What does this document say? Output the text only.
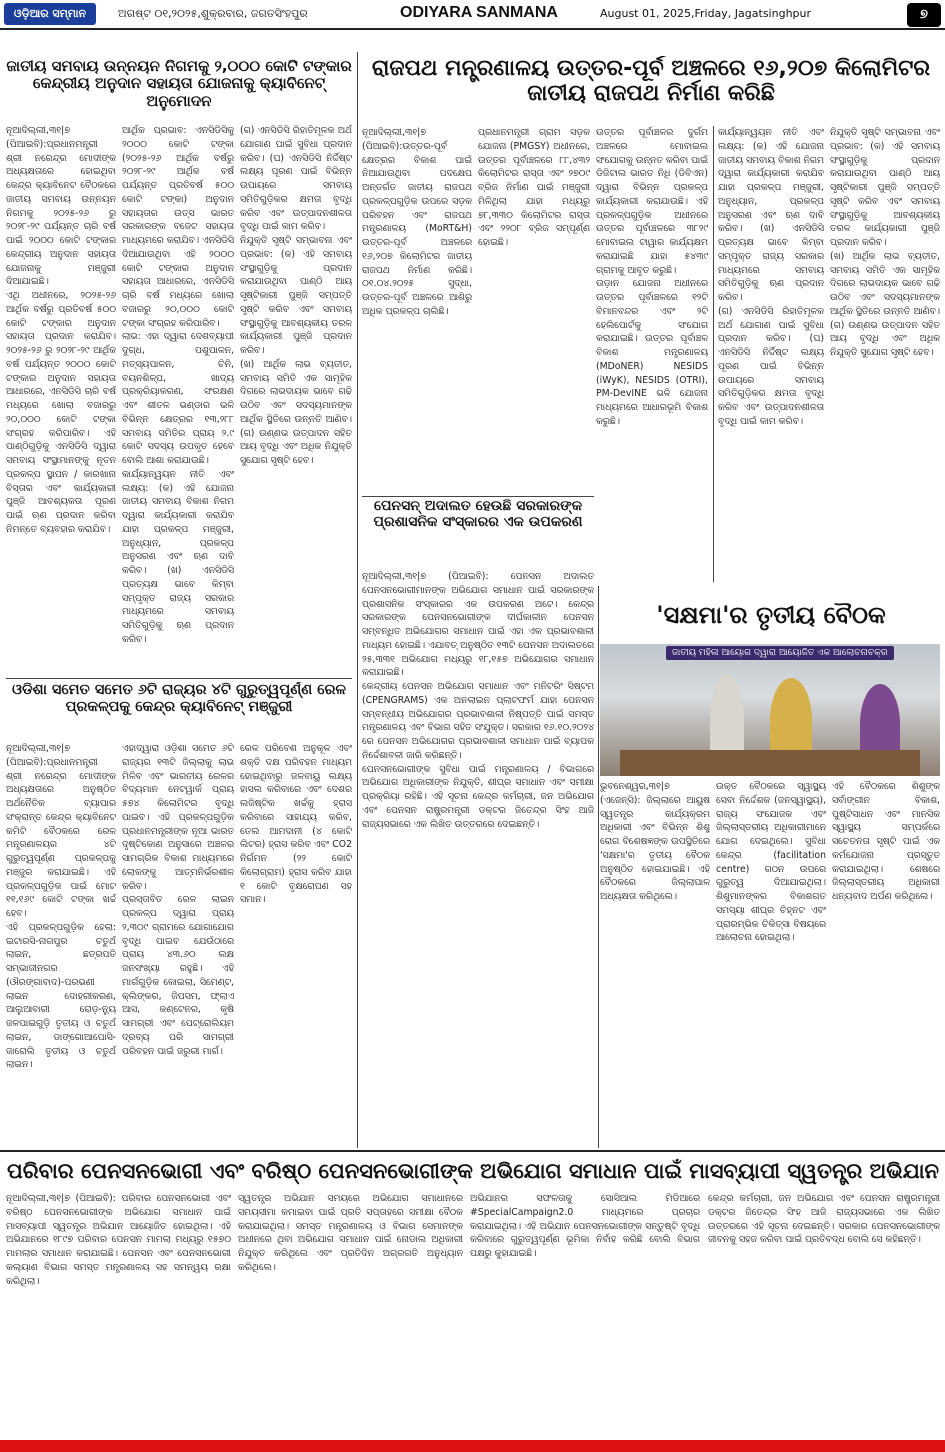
ଓଡ଼ିଆର ସମ୍ମାନ	ଅଗଷ୍ଟ ୦୧,୨୦୨୫,ଶୁକ୍ରବାର, ଜଗତସିଂହପୁର	ODIYARA SANMANA	August 01, 2025,Friday, Jagatsinghpur	୭
ଜାତୀୟ ସମବାୟ ଉନ୍ନୟନ ନିଗମକୁ ୨,୦୦୦ କୋଟି ଟଙ୍କାର କେନ୍ଦ୍ରୀୟ ଅନୁଦାନ ସହାୟତା ଯୋଜନାକୁ କ୍ୟାବିନେଟ୍ ଅନୁମୋଦନ

ନୂଆଦିଲ୍ଲୀ,୩୧|୭ (ପିଆଇବି):ପ୍ରଧାନମନ୍ତ୍ରୀ ଶ୍ରୀ ନରେନ୍ଦ୍ର ମୋଦୀଙ୍କ ଅଧ୍ୟକ୍ଷତାରେ ହୋଇଥିବା କେନ୍ଦ୍ର କ୍ୟାବିନେଟ ବୈଠକରେ ଜାତୀୟ ସମବାୟ ଉନ୍ନୟନ ନିଗମକୁ ୨୦୨୫-୨୬ ରୁ ୨୦୨୮-୨୯ ପର୍ଯ୍ୟନ୍ତ ଚାରି ବର୍ଷ ପାଇଁ ୨୦୦୦ କୋଟି ଟଙ୍କାର କେନ୍ଦ୍ରୀୟ ଅନୁଦାନ ସହାୟତା ଯୋଜନାକୁ ମଞ୍ଜୁରୀ ଦିଆଯାଇଛି।

ଏଥି ଅଧୀନରେ, ୨୦୨୫-୨୬ ଆର୍ଥିକ ବର୍ଷରୁ ପ୍ରତିବର୍ଷ ୫୦୦ କୋଟି ଟଙ୍କାର ଅନୁଦାନ ସହାୟତା ପ୍ରଦାନ କରାଯିବ। ୨୦୨୫-୨୬ ରୁ ୨୦୨୮-୨୯ ଆର୍ଥିକ ବର୍ଷ ପର୍ଯ୍ୟନ୍ତ ୨୦୦୦ କୋଟି ଟଙ୍କାର ଅନୁଦାନ ସହାୟତା ଆଧାରରେ, ଏନସିଡିସି ଚାରି ବର୍ଷ ମଧ୍ୟରେ ଖୋଲା ବଜାରରୁ ୨୦,୦୦୦ କୋଟି ଟଙ୍କା ସଂଗ୍ରହ କରିପାରିବ। ଏହି ପାଣ୍ଠିଗୁଡ଼ିକୁ ଏନସିଡିସି ଦ୍ୱାରା ସମବାୟ ସଂସ୍ଥାମାନଙ୍କୁ ନୂତନ ପ୍ରକଳ୍ପ ସ୍ଥାପନ / କାରଖାନା ବିସ୍ତାର ଏବଂ କାର୍ଯ୍ୟକାରୀ ପୁଞ୍ଜି ଆବଶ୍ୟକତା ପୂରଣ ପାଇଁ ଋଣ ପ୍ରଦାନ କରିବା ନିମନ୍ତେ ବ୍ୟବହାର କରାଯିବ।

ଆର୍ଥିକ ପ୍ରଭାବ: ଏନସିଡିସିକୁ ୨୦୦୦ କୋଟି ଟଙ୍କା (୨୦୨୫-୨୬ ଆର୍ଥିକ ବର୍ଷରୁ ୨୦୨୮-୨୯ ଆର୍ଥିକ ବର୍ଷ ପର୍ଯ୍ୟନ୍ତ ପ୍ରତିବର୍ଷ ୫୦୦ କୋଟି ଟଙ୍କା) ଅନୁଦାନ ସହାୟତାର ଉତ୍ସ ଭାରତ ସରକାରଙ୍କ ବଜେଟ ସହାୟତା ମାଧ୍ୟମରେ କରାଯିବ। ଏନସିଡିସି ଦିଆଯାଉଥିବା ଏହି ୨୦୦୦ କୋଟି ଟଙ୍କାର ଅନୁଦାନ ସହାୟତା ଆଧାରରେ, ଏନସିଡିସି ଚାରି ବର୍ଷ ମଧ୍ୟରେ ଖୋଲା ବଜାରରୁ ୨୦,୦୦୦ କୋଟି ଟଙ୍କା ସଂଗ୍ରହ କରିପାରିବ।

ଲାଭ: ଏହା ଦ୍ୱାରା ଦେଶବ୍ୟାପୀ ଦୁଗ୍ଧ, ପଶୁପାଳନ, ମତ୍ସ୍ୟପାଳନ, ଚିନି, ବୟନଶିଳ୍ପ, ଖାଦ୍ୟ ପ୍ରକ୍ରିୟାକରଣ, ସଂରକ୍ଷଣ ଏବଂ ଶୀତଳ ଭଣ୍ଡାର ଭଳି ବିଭିନ୍ନ କ୍ଷେତ୍ରର ୧୩,୨୮୮ ସମବାୟ ସମିତିର ପ୍ରାୟ ୨.୯ କୋଟି ସଦସ୍ୟ ଉପକୃତ ହେବେ ବୋଲି ଆଶା କରାଯାଉଛି।

କାର୍ଯ୍ୟାନ୍ୱୟନ ନୀତି ଏବଂ ଲକ୍ଷ୍ୟ: (କ) ଏହି ଯୋଜନା ଜାତୀୟ ସମବାୟ ବିକାଶ ନିଗମ ଦ୍ୱାରା କାର୍ଯ୍ୟକାରୀ କରାଯିବ ଯାହା ପ୍ରକଳ୍ପ ମଞ୍ଜୁରୀ, ଅନୁଧ୍ୟାନ, ପ୍ରକଳ୍ପ ଅନୁସରଣ ଏବଂ ଋଣ ଦାବି କରିବ। (ଖ) ଏନସିଡିସି ପ୍ରତ୍ୟକ୍ଷ ଭାବେ କିମ୍ବା ସମ୍ପୃକ୍ତ ରାଜ୍ୟ ସରକାର ମାଧ୍ୟମରେ ସମବାୟ ସମିତିଗୁଡ଼ିକୁ ଋଣ ପ୍ରଦାନ କରିବ।

(ଗ) ଏନସିଡିସି ରିହାତିମୂଳକ ଅର୍ଥ ଯୋଗାଣ ପାଇଁ ସୁବିଧା ପ୍ରଦାନ କରିବ। (ଘ) ଏନସିଡିସି ନିର୍ଦ୍ଦିଷ୍ଟ ଲକ୍ଷ୍ୟ ପୂରଣ ପାଇଁ ବିଭିନ୍ନ ଉପାୟରେ ସମବାୟ ସମିତିଗୁଡ଼ିକର କ୍ଷମତା ବୃଦ୍ଧି କରିବ ଏବଂ ଉତ୍ପାଦନଶୀଳତା ବୃଦ୍ଧି ପାଇଁ କାମ କରିବ।

ନିଯୁକ୍ତି ସୃଷ୍ଟି ସମ୍ଭାବନା ଏବଂ ପ୍ରଭାବ: (କ) ଏହି ସମବାୟ ସଂସ୍ଥାଗୁଡ଼ିକୁ ପ୍ରଦାନ କରାଯାଉଥିବା ପାଣ୍ଠି ଆୟ ସୃଷ୍ଟିକାରୀ ପୁଞ୍ଜି ସମ୍ପତ୍ତି ସୃଷ୍ଟି କରିବ ଏବଂ ସମବାୟ ସଂସ୍ଥାଗୁଡ଼ିକୁ ଆବଶ୍ୟକୀୟ ତରଳ କାର୍ଯ୍ୟକାରୀ ପୁଞ୍ଜି ପ୍ରଦାନ କରିବ।

(ଖ) ଆର୍ଥିକ ଲାଭ ବ୍ୟତୀତ, ସମବାୟ ସମିତି ଏକ ସାମୂହିକ ଦିଗରେ ଲାଭଦାୟକ ଭାବେ ଗଢି ଉଠିବ ଏବଂ ସଦସ୍ୟମାନଙ୍କ ଆର୍ଥିକ ସ୍ଥିତିରେ ଉନ୍ନତି ଆଣିବ। (ଗ) ଉଣ୍ଣଭ ଉତ୍ପାଦନ ସହିତ ଆୟ ବୃଦ୍ଧି ଏବଂ ଅଧିକ ନିଯୁକ୍ତି ସୁଯୋଗ ସୃଷ୍ଟି ହେବ।

ଓଡିଶା ସମେତ ସମେତ ୬ଟି ରାଜ୍ୟର ୪ଟି ଗୁରୁତ୍ୱପୂର୍ଣ୍ଣ ରେଳ ପ୍ରକଳ୍ପକୁ କେନ୍ଦ୍ର କ୍ୟାବିନେଟ୍ ମଞ୍ଜୁରୀ

ନୂଆଦିଲ୍ଲୀ,୩୧|୭ (ପିଆଇବି):ପ୍ରଧାନମନ୍ତ୍ରୀ ଶ୍ରୀ ନରେନ୍ଦ୍ର ମୋଦୀଙ୍କ ଅଧ୍ୟକ୍ଷତାରେ ଅନୁଷ୍ଠିତ ଅର୍ଥନୈତିକ ବ୍ୟାପାର ସଂକ୍ରାନ୍ତ କେନ୍ଦ୍ର କ୍ୟାବିନେଟ କମିଟି ବୈଠକରେ ରେଳ ମନ୍ତ୍ରଣାଳୟର ୪ଟି ଗୁରୁତ୍ୱପୂର୍ଣ୍ଣ ପ୍ରକଳ୍ପକୁ ମଞ୍ଜୁର କରାଯାଇଛି। ଏହି ପ୍ରକଳ୍ପଗୁଡ଼ିକ ପାଇଁ ମୋଟ ୧୧,୧୬୯ କୋଟି ଟଙ୍କା ଖର୍ଚ୍ଚ ହେବ।

ଏହି ପ୍ରକଳ୍ପଗୁଡ଼ିକ ହେଲା: ଇଟାରସି-ନାଗପୁର ଚତୁର୍ଥ ଲାଇନ, ଛତ୍ରପତି ସମ୍ଭାଜୀନଗର (ଔରଙ୍ଗାବାଦ)-ପରଭଣୀ ଲାଇନ ଦୋହରୀକରଣ, ଆଲୁଆବାରୀ ରୋଡ଼-ନ୍ୟୁ ଜଳପାଇଗୁଡ଼ି ତୃତୀୟ ଓ ଚତୁର୍ଥ ଲାଇନ, ଡାଙ୍ଗୋଆପୋସି-ଜାରୋଲି ତୃତୀୟ ଓ ଚତୁର୍ଥ ଲାଇନ।

ଏହାଦ୍ୱାରା ଓଡ଼ିଶା ସମେତ ୬ଟି ରାଜ୍ୟର ୧୩ଟି ଜିଲ୍ଲାକୁ ଲାଭ ମିଳିବ ଏବଂ ଭାରତୀୟ ରେଳର ବିଦ୍ୟମାନ ନେଟୱାର୍କ ପ୍ରାୟ ୫୭୪ କିଲୋମିଟର ବୃଦ୍ଧି ପାଇବ। ଏହି ପ୍ରକଳ୍ପଗୁଡ଼ିକ ପ୍ରଧାନମନ୍ତ୍ରୀଙ୍କ ନୂଆ ଭାରତ ଦୃଷ୍ଟିକୋଣ ଅନୁସାରେ ଅଞ୍ଚଳର ସାମଗ୍ରିକ ବିକାଶ ମାଧ୍ୟମରେ ଲୋକଙ୍କୁ ଆତ୍ମନିର୍ଭରଶୀଳ କରିବ।

ପ୍ରସ୍ତାବିତ ରେଳ ଲାଇନ ପ୍ରକଳ୍ପ ଦ୍ୱାରା ପ୍ରାୟ ୨,୩୦୯ ଗ୍ରାମରେ ଯୋଗାଯୋଗ ବୃଦ୍ଧି ପାଇବ ଯେଉଁଠାରେ ପ୍ରାୟ ୪୩.୬୦ ଲକ୍ଷ ଜନସଂଖ୍ୟା ରହୁଛି। ଏହି ମାର୍ଗଗୁଡ଼ିକ କୋଇଲା, ସିମେଣ୍ଟ, କ୍ଲିଙ୍କର, ଜିପସମ, ଫ୍ଲାଏ ଆସ, କଣ୍ଟେନର, କୃଷି ସାମଗ୍ରୀ ଏବଂ ପେଟ୍ରୋଲିୟମ ଦ୍ରବ୍ୟ ପରି ସାମଗ୍ରୀ ପରିବହନ ପାଇଁ ଜରୁରୀ ମାର୍ଗ।

ରେଳ ପରିବେଶ ଅନୁକୂଳ ଏବଂ ଶକ୍ତି ଦକ୍ଷ ପରିବହନ ମାଧ୍ୟମ ହୋଇଥିବାରୁ ଜଳବାୟୁ ଲକ୍ଷ୍ୟ ହାସଲ କରିବାରେ ଏବଂ ଦେଶର ଲଜିଷ୍ଟିକ ଖର୍ଚ୍ଚକୁ ହ୍ରାସ କରିବାରେ ସାହାଯ୍ୟ କରିବ, ତେଲ ଆମଦାନୀ (୪ କୋଟି ଲିଟର) ହ୍ରାସ କରିବ ଏବଂ CO2 ନିର୍ଗମନ (୨୨ କୋଟି କିଲୋଗ୍ରାମ) ହ୍ରାସ କରିବ ଯାହା ୧ କୋଟି ବୃକ୍ଷରୋପଣ ସହ ସମାନ।

ରାଜପଥ ମନ୍ତ୍ରଣାଳୟ ଉତ୍ତର-ପୂର୍ବ ଅଞ୍ଚଳରେ ୧୬,୨୦୭ କିଲୋମିଟର ଜାତୀୟ ରାଜପଥ ନିର୍ମାଣ କରିଛି

ନୂଆଦିଲ୍ଲୀ,୩୧|୭ (ପିଆଇବି):ଉତ୍ତର-ପୂର୍ବ କ୍ଷେତ୍ରର ବିକାଶ ପାଇଁ ନିଆଯାଉଥିବା ପଦକ୍ଷେପ ଅନ୍ତର୍ଗତ ଜାତୀୟ ରାଜପଥ ପ୍ରକଳ୍ପଗୁଡ଼ିକ ଉପରେ ସଡ଼କ ପରିବହନ ଏବଂ ରାଜପଥ ମନ୍ତ୍ରଣାଳୟ (MoRT&H) ଉତ୍ତର-ପୂର୍ବ ଅଞ୍ଚଳରେ ୧୬,୨୦୭ କିଲୋମିଟର ଜାତୀୟ ରାଜପଥ ନିର୍ମାଣ କରିଛି। ୦୧.୦୪.୨୦୨୫ ସୁଦ୍ଧା, ଉତ୍ତର-ପୂର୍ବ ଅଞ୍ଚଳରେ ଆଶିରୁ ଅଧିକ ପ୍ରକଳ୍ପ ଚାଲିଛି।

ପ୍ରଧାନମନ୍ତ୍ରୀ ଗ୍ରାମ ସଡ଼କ ଯୋଜନା (PMGSY) ଅଧୀନରେ, ଉତ୍ତର ପୂର୍ବାଞ୍ଚଳରେ ୮୮,୪୩୨ କିଲୋମିଟର ରାସ୍ତା ଏବଂ ୨୭୦୯ ବ୍ରିଜ ନିର୍ମାଣ ପାଇଁ ମଞ୍ଜୁରୀ ମିଳିଥିଲା ଯାହା ମଧ୍ୟରୁ ୭୮,୩୩୦ କିଲୋମିଟର ରାସ୍ତା ଏବଂ ୨୨୦୮ ବ୍ରିଜ ସମ୍ପୂର୍ଣ୍ଣ ହୋଇଛି।

ଉତ୍ତର ପୂର୍ବାଞ୍ଚଳର ଦୁର୍ଗମ ଅଞ୍ଚଳରେ ମୋବାଇଲ ସଂଯୋଗକୁ ଉନ୍ନତ କରିବା ପାଇଁ ଡିଜିଟାଲ ଭାରତ ନିଧି (ଡିବିଏନ) ଦ୍ୱାରା ବିଭିନ୍ନ ପ୍ରକଳ୍ପ କାର୍ଯ୍ୟକାରୀ କରାଯାଉଛି। ଏହି ପ୍ରକଳ୍ପଗୁଡ଼ିକ ଅଧୀନରେ ଉତ୍ତର ପୂର୍ବାଞ୍ଚଳରେ ୩୮୨୯ ମୋବାଇଲ ଟାୱାର କାର୍ଯ୍ୟକ୍ଷମ କରାଯାଇଛି ଯାହା ୫୪୩୯ ଗ୍ରାମକୁ ଆବୃତ କରୁଛି।

ଉଡ଼ାନ ଯୋଜନା ଅଧୀନରେ ଉତ୍ତର ପୂର୍ବାଞ୍ଚଳରେ ୧୨ଟି ବିମାନବନ୍ଦର ଏବଂ ୨ଟି ହେଲିପୋର୍ଟକୁ ସଂଯୋଗ କରାଯାଇଛି। ଉତ୍ତର ପୂର୍ବାଞ୍ଚଳ ବିକାଶ ମନ୍ତ୍ରଣାଳୟ (MDoNER) NESIDS (iWyK), NESIDS (OTRI), PM-DevINE ଭଳି ଯୋଜନା ମାଧ୍ୟମରେ ଆଧାରଭୂମି ବିକାଶ କରୁଛି।

କାର୍ଯ୍ୟାନ୍ୱୟନ ନୀତି ଏବଂ ଲକ୍ଷ୍ୟ: (କ) ଏହି ଯୋଜନା ଜାତୀୟ ସମବାୟ ବିକାଶ ନିଗମ ଦ୍ୱାରା କାର୍ଯ୍ୟକାରୀ କରାଯିବ ଯାହା ପ୍ରକଳ୍ପ ମଞ୍ଜୁରୀ, ଅନୁଧ୍ୟାନ, ପ୍ରକଳ୍ପ ଅନୁସରଣ ଏବଂ ଋଣ ଦାବି କରିବ। (ଖ) ଏନସିଡିସି ପ୍ରତ୍ୟକ୍ଷ ଭାବେ କିମ୍ବା ସମ୍ପୃକ୍ତ ରାଜ୍ୟ ସରକାର ମାଧ୍ୟମରେ ସମବାୟ ସମିତିଗୁଡ଼ିକୁ ଋଣ ପ୍ରଦାନ କରିବ।

(ଗ) ଏନସିଡିସି ରିହାତିମୂଳକ ଅର୍ଥ ଯୋଗାଣ ପାଇଁ ସୁବିଧା ପ୍ରଦାନ କରିବ। (ଘ) ଏନସିଡିସି ନିର୍ଦ୍ଦିଷ୍ଟ ଲକ୍ଷ୍ୟ ପୂରଣ ପାଇଁ ବିଭିନ୍ନ ଉପାୟରେ ସମବାୟ ସମିତିଗୁଡ଼ିକର କ୍ଷମତା ବୃଦ୍ଧି କରିବ ଏବଂ ଉତ୍ପାଦନଶୀଳତା ବୃଦ୍ଧି ପାଇଁ କାମ କରିବ।

ନିଯୁକ୍ତି ସୃଷ୍ଟି ସମ୍ଭାବନା ଏବଂ ପ୍ରଭାବ: (କ) ଏହି ସମବାୟ ସଂସ୍ଥାଗୁଡ଼ିକୁ ପ୍ରଦାନ କରାଯାଉଥିବା ପାଣ୍ଠି ଆୟ ସୃଷ୍ଟିକାରୀ ପୁଞ୍ଜି ସମ୍ପତ୍ତି ସୃଷ୍ଟି କରିବ ଏବଂ ସମବାୟ ସଂସ୍ଥାଗୁଡ଼ିକୁ ଆବଶ୍ୟକୀୟ ତରଳ କାର୍ଯ୍ୟକାରୀ ପୁଞ୍ଜି ପ୍ରଦାନ କରିବ।

(ଖ) ଆର୍ଥିକ ଲାଭ ବ୍ୟତୀତ, ସମବାୟ ସମିତି ଏକ ସାମୂହିକ ଦିଗରେ ଲାଭଦାୟକ ଭାବେ ଗଢି ଉଠିବ ଏବଂ ସଦସ୍ୟମାନଙ୍କ ଆର୍ଥିକ ସ୍ଥିତିରେ ଉନ୍ନତି ଆଣିବ। (ଗ) ଉଣ୍ଣଭ ଉତ୍ପାଦନ ସହିତ ଆୟ ବୃଦ୍ଧି ଏବଂ ଅଧିକ ନିଯୁକ୍ତି ସୁଯୋଗ ସୃଷ୍ଟି ହେବ।

ପେନସନ୍ ଅଦାଲତ ହେଉଛି ସରକାରଙ୍କ ପ୍ରଶାସନିକ ସଂସ୍କାରର ଏକ ଉପକରଣ

ନୂଆଦିଲ୍ଲୀ,୩୧|୭ (ପିଆଇବି): ପେନସନ ଅଦାଲତ ପେନସନଭୋଗୀମାନଙ୍କ ଅଭିଯୋଗ ସମାଧାନ ପାଇଁ ସରକାରଙ୍କ ପ୍ରଶାସନିକ ସଂସ୍କାରର ଏକ ଉପକରଣ ଅଟେ। କେନ୍ଦ୍ର ସରକାରଙ୍କ ପେନସନଭୋଗୀଙ୍କ ଦୀର୍ଘକାଳୀନ ପେନସନ ସମ୍ବନ୍ଧିତ ଅଭିଯୋଗର ସମାଧାନ ପାଇଁ ଏହା ଏକ ପ୍ରଭାବଶାଳୀ ମାଧ୍ୟମ ହୋଇଛି। ଏଯାବତ୍ ଅନୁଷ୍ଠିତ ୧୩ଟି ପେନସନ ଅଦାଲତରେ ୨୫,୩୩୧ ଅଭିଯୋଗ ମଧ୍ୟରୁ ୧୮,୧୫୭ ଅଭିଯୋଗର ସମାଧାନ କରାଯାଇଛି।

କେନ୍ଦ୍ରୀୟ ପେନସନ ଅଭିଯୋଗ ସମାଧାନ ଏବଂ ମନିଟରିଂ ସିଷ୍ଟମ (CPENGRAMS) ଏକ ଅନଲାଇନ ପ୍ଲାଟଫର୍ମ ଯାହା ପେନସନ ସମ୍ବନ୍ଧୀୟ ଅଭିଯୋଗର ପ୍ରଭାବଶାଳୀ ନିଷ୍ପତ୍ତି ପାଇଁ ସମସ୍ତ ମନ୍ତ୍ରଣାଳୟ ଏବଂ ବିଭାଗ ସହିତ ସଂଯୁକ୍ତ। ସରକାର ୧୬.୧୦.୨୦୨୪ ରେ ପେନସନ ଅଭିଯୋଗର ପ୍ରଭାବଶାଳୀ ସମାଧାନ ପାଇଁ ବ୍ୟାପକ ନିର୍ଦ୍ଦେଶାବଳୀ ଜାରି କରିଛନ୍ତି।

ପେନସନଭୋଗୀଙ୍କ ସୁବିଧା ପାଇଁ ମନ୍ତ୍ରଣାଳୟ / ବିଭାଗରେ ଅଭିଯୋଗ ଅଧିକାରୀଙ୍କ ନିଯୁକ୍ତି, ଶୀଘ୍ର ସମାଧାନ ଏବଂ ସମୀକ୍ଷା ପ୍ରକ୍ରିୟା ରହିଛି। ଏହି ସୂଚନା କେନ୍ଦ୍ର କର୍ମଚାରୀ, ଜନ ଅଭିଯୋଗ ଏବଂ ପେନସନ ରାଷ୍ଟ୍ରମନ୍ତ୍ରୀ ଡକ୍ଟର ଜିତେନ୍ଦ୍ର ସିଂହ ଆଜି ରାଜ୍ୟସଭାରେ ଏକ ଲିଖିତ ଉତ୍ତରରେ ଦେଇଛନ୍ତି।

'ସକ୍ଷମା'ର ତୃତୀୟ ବୈଠକ
ଜାତୀୟ ମହିଳା ଆୟୋଗ ଦ୍ୱାରା ଆୟୋଜିତ ଏକ ଆଲୋଚନାଚକ୍ର

ଭୁବନେଶ୍ୱର,୩୧|୭ (ଏଜେନ୍ସି): ଜିଲ୍ଲାରେ ଆୟୁଷ ସ୍ୱତନ୍ତ୍ର କାର୍ଯ୍ୟକ୍ରମ ଅଧିକାରୀ ଏବଂ ବିଭିନ୍ନ ଶିଶୁ ରୋଗ ବିଶେଷଜ୍ଞଙ୍କ ଉପସ୍ଥିତିରେ 'ସକ୍ଷମା'ର ତୃତୀୟ ବୈଠକ ଅନୁଷ୍ଠିତ ହୋଇଯାଇଛି। ଏହି ବୈଠକରେ ଜିଲ୍ଲାପାଳ ଅଧ୍ୟକ୍ଷତା କରିଥିଲେ।

ଉକ୍ତ ବୈଠକରେ ସ୍ୱାସ୍ଥ୍ୟ ସେବା ନିର୍ଦ୍ଦେଶକ (ଜନସ୍ୱାସ୍ଥ୍ୟ), ରାଜ୍ୟ ସଂଯୋଜକ ଏବଂ ଜିଲ୍ଲାସ୍ତରୀୟ ଅଧିକାରୀମାନେ ଯୋଗ ଦେଇଥିଲେ। ସୁବିଧା କେନ୍ଦ୍ର (facilitation centre) ଗଠନ ଉପରେ ଗୁରୁତ୍ୱ ଦିଆଯାଇଥିଲା। ଶିଶୁମାନଙ୍କର ବିକାଶଗତ ସମସ୍ୟା ଶୀଘ୍ର ଚିହ୍ନଟ ଏବଂ ପ୍ରାରମ୍ଭିକ ଚିକିତ୍ସା ବିଷୟରେ ଆଲୋଚନା ହୋଇଥିଲା।

ଏହି ବୈଠକରେ ଶିଶୁଙ୍କ ସର୍ବାଙ୍ଗୀନ ବିକାଶ, ପୁଷ୍ଟିସାଧନ ଏବଂ ମାନସିକ ସ୍ୱାସ୍ଥ୍ୟ ସମ୍ପର୍କରେ ସଚେତନତା ସୃଷ୍ଟି ପାଇଁ ଏକ କର୍ମଯୋଜନା ପ୍ରସ୍ତୁତ କରାଯାଇଥିଲା। ଶେଷରେ ଜିଲ୍ଲାସ୍ତରୀୟ ଅଧିକାରୀ ଧନ୍ୟବାଦ ଅର୍ପଣ କରିଥିଲେ।

ପରିବାର ପେନସନଭୋଗୀ ଏବଂ ବରିଷ୍ଠ ପେନସନଭୋଗୀଙ୍କ ଅଭିଯୋଗ ସମାଧାନ ପାଇଁ ମାସବ୍ୟାପୀ ସ୍ୱତନ୍ତ୍ର ଅଭିଯାନ

ନୂଆଦିଲ୍ଲୀ,୩୧|୭ (ପିଆଇବି): ପରିବାର ପେନସନଭୋଗୀ ଏବଂ ବରିଷ୍ଠ ପେନସନଭୋଗୀଙ୍କ ଅଭିଯୋଗ ସମାଧାନ ପାଇଁ ମାସବ୍ୟାପୀ ସ୍ୱତନ୍ତ୍ର ଅଭିଯାନ ଆୟୋଜିତ ହୋଇଥିଲା। ଏହି ଅଭିଯାନରେ ୧୮୯୭ ପରିବାର ପେନସନ ମାମଲା ମଧ୍ୟରୁ ୧୫୭୦ ମାମଲାର ସମାଧାନ କରାଯାଇଛି। ପେନସନ ଏବଂ ପେନସନଭୋଗୀ କଲ୍ୟାଣ ବିଭାଗ ସମସ୍ତ ମନ୍ତ୍ରଣାଳୟ ସହ ସମନ୍ୱୟ ରକ୍ଷା କରିଥିଲା।

ସ୍ୱତନ୍ତ୍ର ଅଭିଯାନ ସମୟରେ ଅଭିଯୋଗ ସମାଧାନରେ ସମୟସୀମା କମାଇବା ପାଇଁ ପ୍ରତି ସପ୍ତାହରେ ସମୀକ୍ଷା ବୈଠକ କରାଯାଇଥିଲା। ସମସ୍ତ ମନ୍ତ୍ରଣାଳୟ ଓ ବିଭାଗ ସେମାନଙ୍କ ଅଧୀନରେ ଥିବା ଅଭିଯୋଗ ସମାଧାନ ପାଇଁ ନୋଡାଲ ଅଧିକାରୀ ନିଯୁକ୍ତ କରିଥିଲେ ଏବଂ ପ୍ରତିଦିନ ଅଗ୍ରଗତି ଅନୁଧ୍ୟାନ କରିଥିଲେ।

ଅଭିଯାନର ସଫଳତାକୁ ସୋସିଆଲ ମିଡିଆରେ #SpecialCampaign2.0 ମାଧ୍ୟମରେ ପ୍ରଚାର କରାଯାଇଥିଲା। ଏହି ଅଭିଯାନ ପେନସନଭୋଗୀଙ୍କ ସନ୍ତୁଷ୍ଟି ବୃଦ୍ଧି କରିବାରେ ଗୁରୁତ୍ୱପୂର୍ଣ୍ଣ ଭୂମିକା ନିର୍ବାହ କରିଛି ବୋଲି ବିଭାଗ ପକ୍ଷରୁ କୁହାଯାଇଛି।

କେନ୍ଦ୍ର କର୍ମଚାରୀ, ଜନ ଅଭିଯୋଗ ଏବଂ ପେନସନ ରାଷ୍ଟ୍ରମନ୍ତ୍ରୀ ଡକ୍ଟର ଜିତେନ୍ଦ୍ର ସିଂହ ଆଜି ରାଜ୍ୟସଭାରେ ଏକ ଲିଖିତ ଉତ୍ତରରେ ଏହି ସୂଚନା ଦେଇଛନ୍ତି। ସରକାର ପେନସନଭୋଗୀଙ୍କ ଜୀବନକୁ ସହଜ କରିବା ପାଇଁ ପ୍ରତିବଦ୍ଧ ବୋଲି ସେ କହିଛନ୍ତି।
